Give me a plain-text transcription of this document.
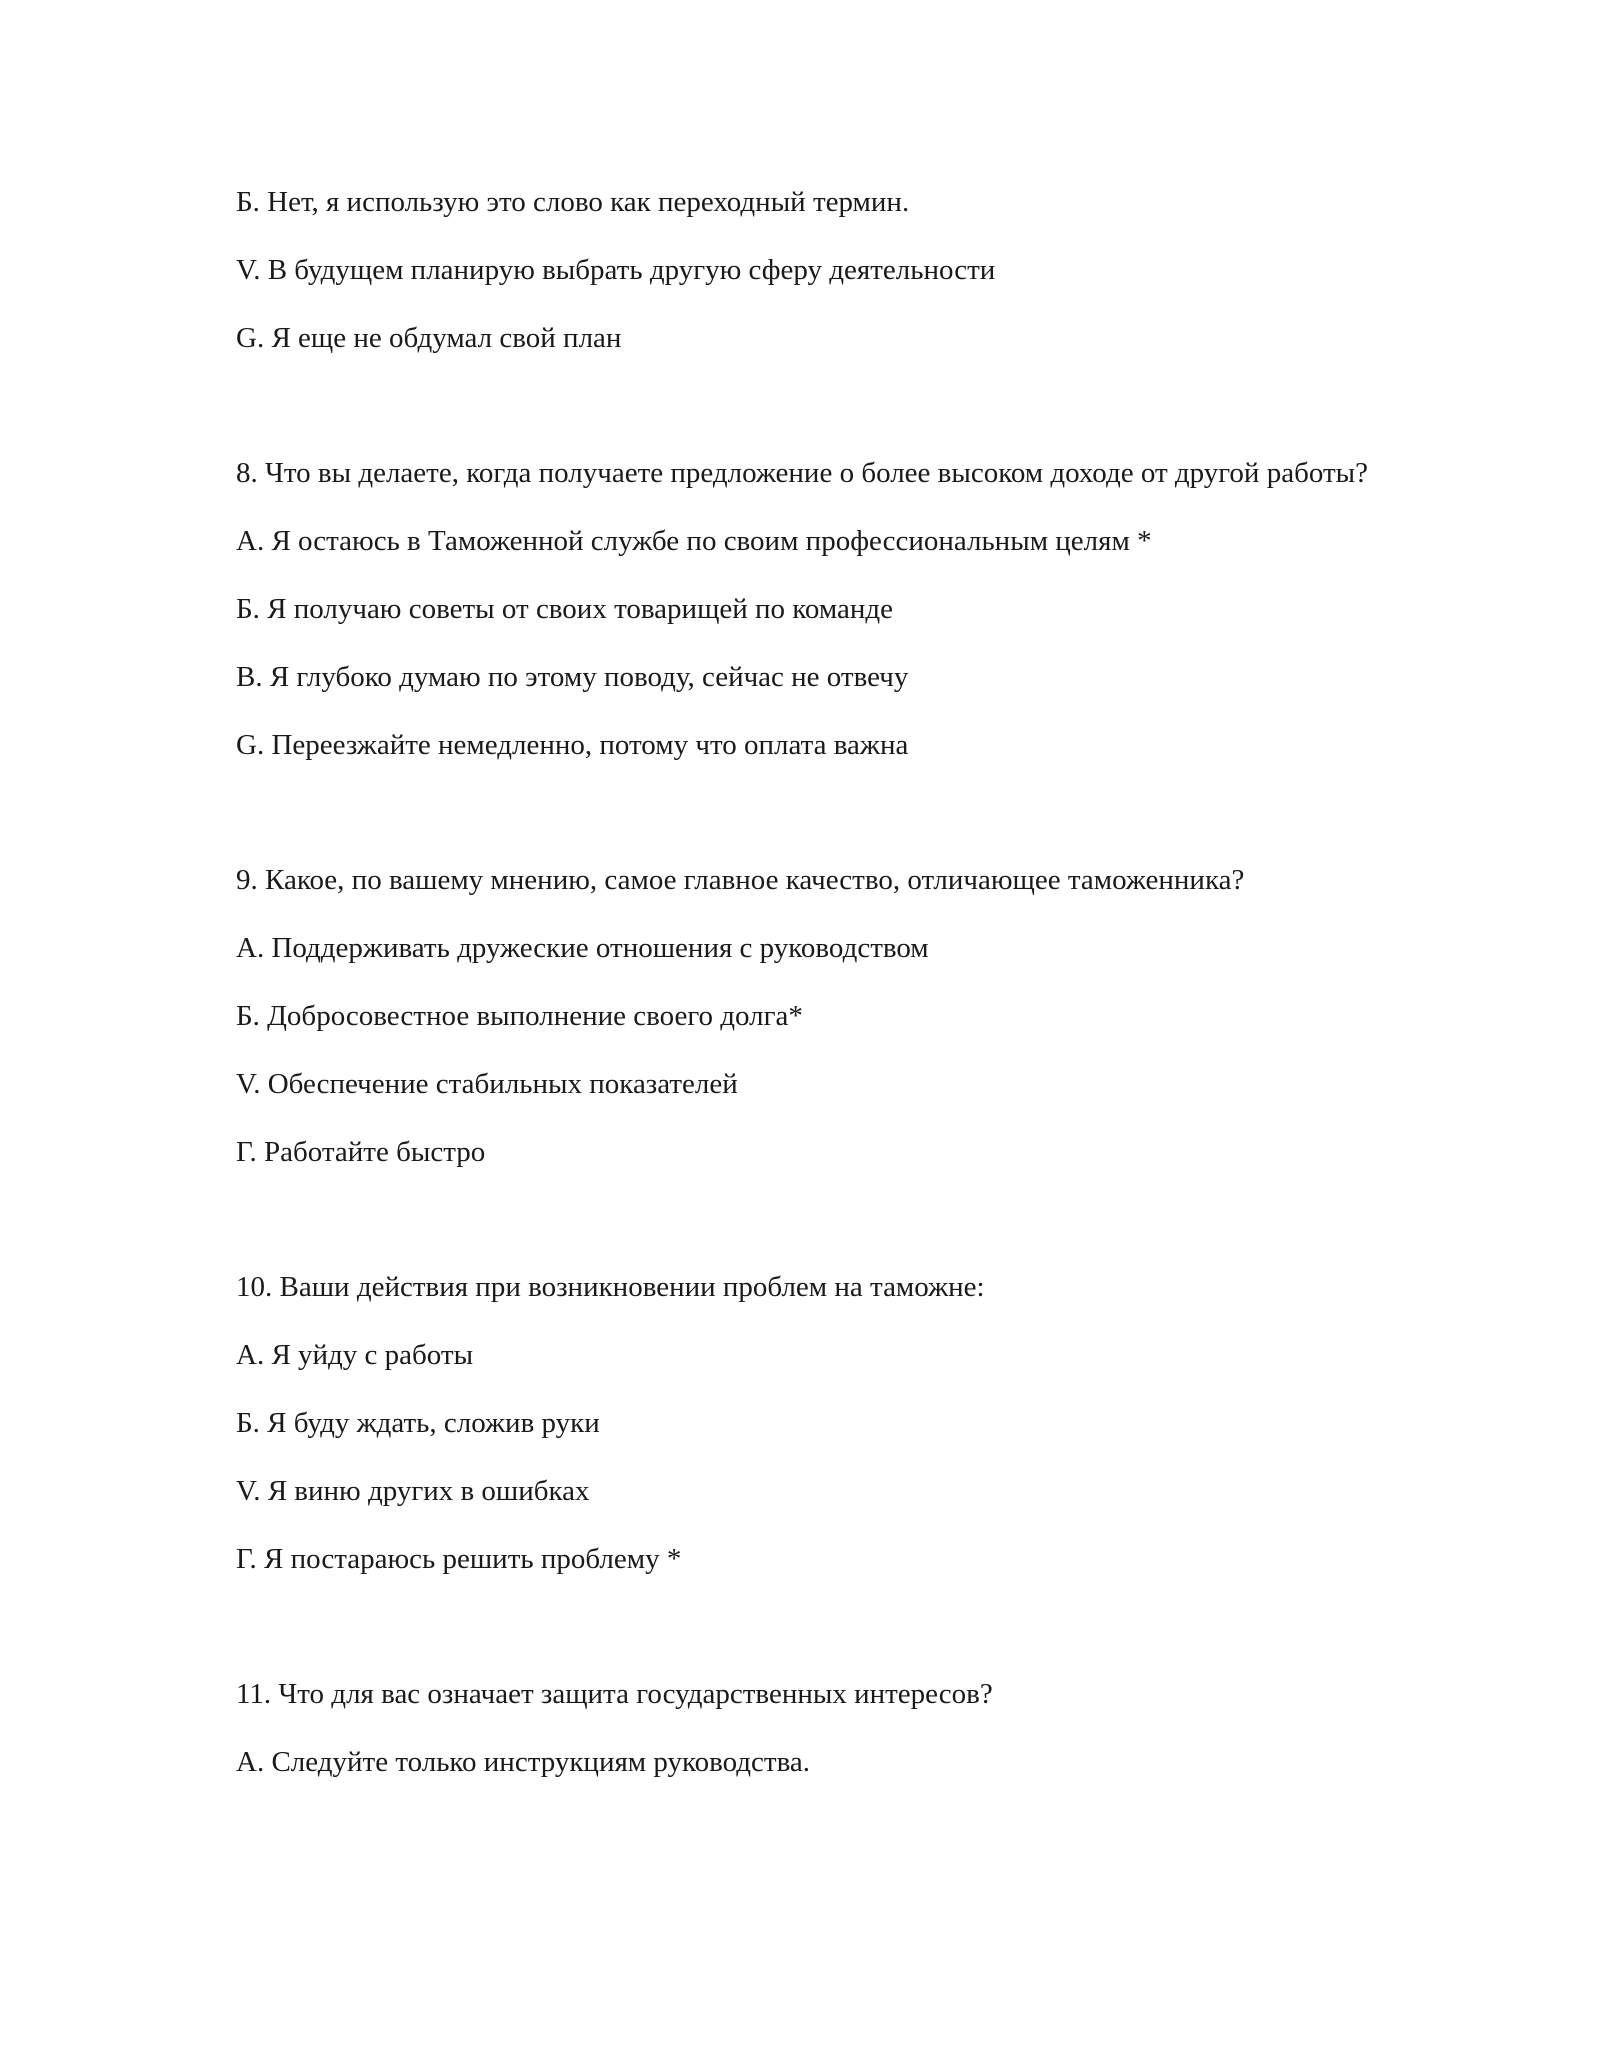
Б. Нет, я использую это слово как переходный термин.

V. В будущем планирую выбрать другую сферу деятельности

G. Я еще не обдумал свой план

8. Что вы делаете, когда получаете предложение о более высоком доходе от другой работы?

А. Я остаюсь в Таможенной службе по своим профессиональным целям *

Б. Я получаю советы от своих товарищей по команде

В. Я глубоко думаю по этому поводу, сейчас не отвечу

G. Переезжайте немедленно, потому что оплата важна

9. Какое, по вашему мнению, самое главное качество, отличающее таможенника?

А. Поддерживать дружеские отношения с руководством

Б. Добросовестное выполнение своего долга*

V. Обеспечение стабильных показателей

Г. Работайте быстро

10. Ваши действия при возникновении проблем на таможне:

А. Я уйду с работы

Б. Я буду ждать, сложив руки

V. Я виню других в ошибках

Г. Я постараюсь решить проблему *

11. Что для вас означает защита государственных интересов?

А. Следуйте только инструкциям руководства.
